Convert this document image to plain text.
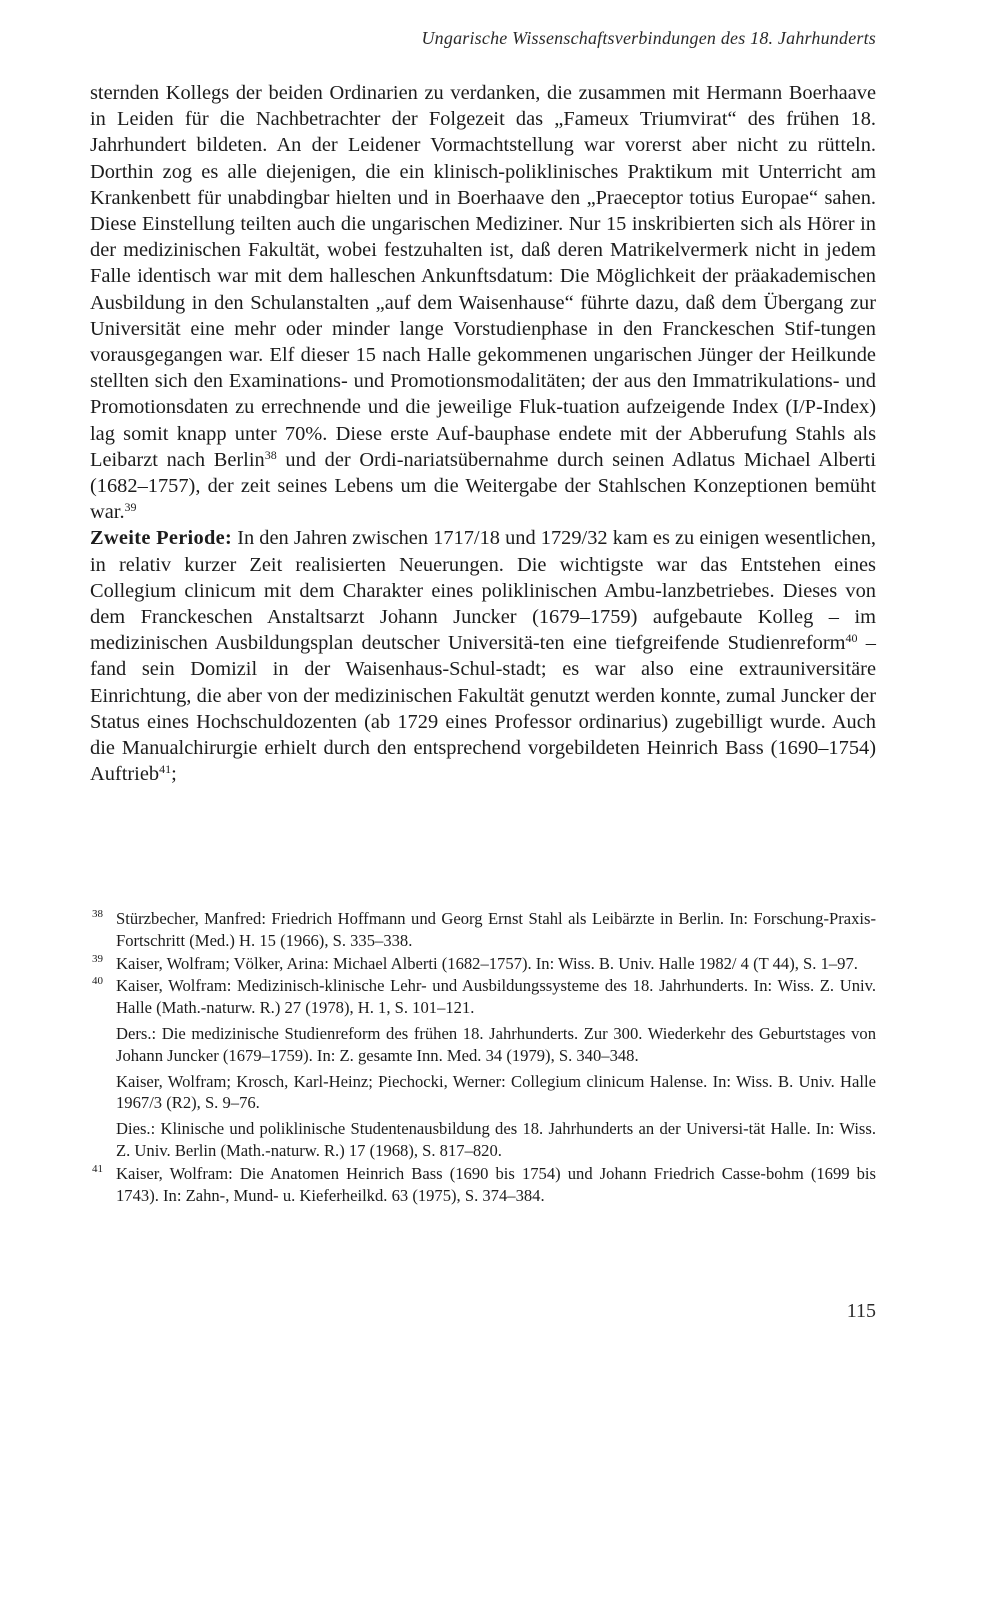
Ungarische Wissenschaftsverbindungen des 18. Jahrhunderts

sternden Kollegs der beiden Ordinarien zu verdanken, die zusammen mit Hermann Boerhaave in Leiden für die Nachbetrachter der Folgezeit das „Fameux Triumvirat“ des frühen 18. Jahrhundert bildeten. An der Leidener Vormachtstellung war vorerst aber nicht zu rütteln. Dorthin zog es alle diejenigen, die ein klinisch-poliklinisches Praktikum mit Unterricht am Krankenbett für unabdingbar hielten und in Boerhaave den „Praeceptor totius Europae“ sahen. Diese Einstellung teilten auch die ungarischen Mediziner. Nur 15 inskribierten sich als Hörer in der medizinischen Fakultät, wobei festzuhalten ist, daß deren Matrikelvermerk nicht in jedem Falle identisch war mit dem halleschen Ankunftsdatum: Die Möglichkeit der präakademischen Ausbildung in den Schulanstalten „auf dem Waisenhause“ führte dazu, daß dem Übergang zur Universität eine mehr oder minder lange Vorstudienphase in den Franckeschen Stif-tungen vorausgegangen war. Elf dieser 15 nach Halle gekommenen ungarischen Jünger der Heilkunde stellten sich den Examinations- und Promotionsmodalitäten; der aus den Immatrikulations- und Promotionsdaten zu errechnende und die jeweilige Fluk-tuation aufzeigende Index (I/P-Index) lag somit knapp unter 70%. Diese erste Auf-bauphase endete mit der Abberufung Stahls als Leibarzt nach Berlin$^{38}$ und der Ordi-nariatsübernahme durch seinen Adlatus Michael Alberti (1682–1757), der zeit seines Lebens um die Weitergabe der Stahlschen Konzeptionen bemüht war.$^{39}$

Zweite Periode: In den Jahren zwischen 1717/18 und 1729/32 kam es zu einigen wesentlichen, in relativ kurzer Zeit realisierten Neuerungen. Die wichtigste war das Entstehen eines Collegium clinicum mit dem Charakter eines poliklinischen Ambu-lanzbetriebes. Dieses von dem Franckeschen Anstaltsarzt Johann Juncker (1679–1759) aufgebaute Kolleg – im medizinischen Ausbildungsplan deutscher Universitä-ten eine tiefgreifende Studienreform$^{40}$ – fand sein Domizil in der Waisenhaus-Schul-stadt; es war also eine extrauniversitäre Einrichtung, die aber von der medizinischen Fakultät genutzt werden konnte, zumal Juncker der Status eines Hochschuldozenten (ab 1729 eines Professor ordinarius) zugebilligt wurde. Auch die Manualchirurgie erhielt durch den entsprechend vorgebildeten Heinrich Bass (1690–1754) Auftrieb$^{41}$;

38 Stürzbecher, Manfred: Friedrich Hoffmann und Georg Ernst Stahl als Leibärzte in Berlin. In: Forschung-Praxis-Fortschritt (Med.) H. 15 (1966), S. 335–338.
39 Kaiser, Wolfram; Völker, Arina: Michael Alberti (1682–1757). In: Wiss. B. Univ. Halle 1982/ 4 (T 44), S. 1–97.
40 Kaiser, Wolfram: Medizinisch-klinische Lehr- und Ausbildungssysteme des 18. Jahrhunderts. In: Wiss. Z. Univ. Halle (Math.-naturw. R.) 27 (1978), H. 1, S. 101–121.
Ders.: Die medizinische Studienreform des frühen 18. Jahrhunderts. Zur 300. Wiederkehr des Geburtstages von Johann Juncker (1679–1759). In: Z. gesamte Inn. Med. 34 (1979), S. 340–348.
Kaiser, Wolfram; Krosch, Karl-Heinz; Piechocki, Werner: Collegium clinicum Halense. In: Wiss. B. Univ. Halle 1967/3 (R2), S. 9–76.
Dies.: Klinische und poliklinische Studentenausbildung des 18. Jahrhunderts an der Universi-tät Halle. In: Wiss. Z. Univ. Berlin (Math.-naturw. R.) 17 (1968), S. 817–820.
41 Kaiser, Wolfram: Die Anatomen Heinrich Bass (1690 bis 1754) und Johann Friedrich Casse-bohm (1699 bis 1743). In: Zahn-, Mund- u. Kieferheilkd. 63 (1975), S. 374–384.
115
